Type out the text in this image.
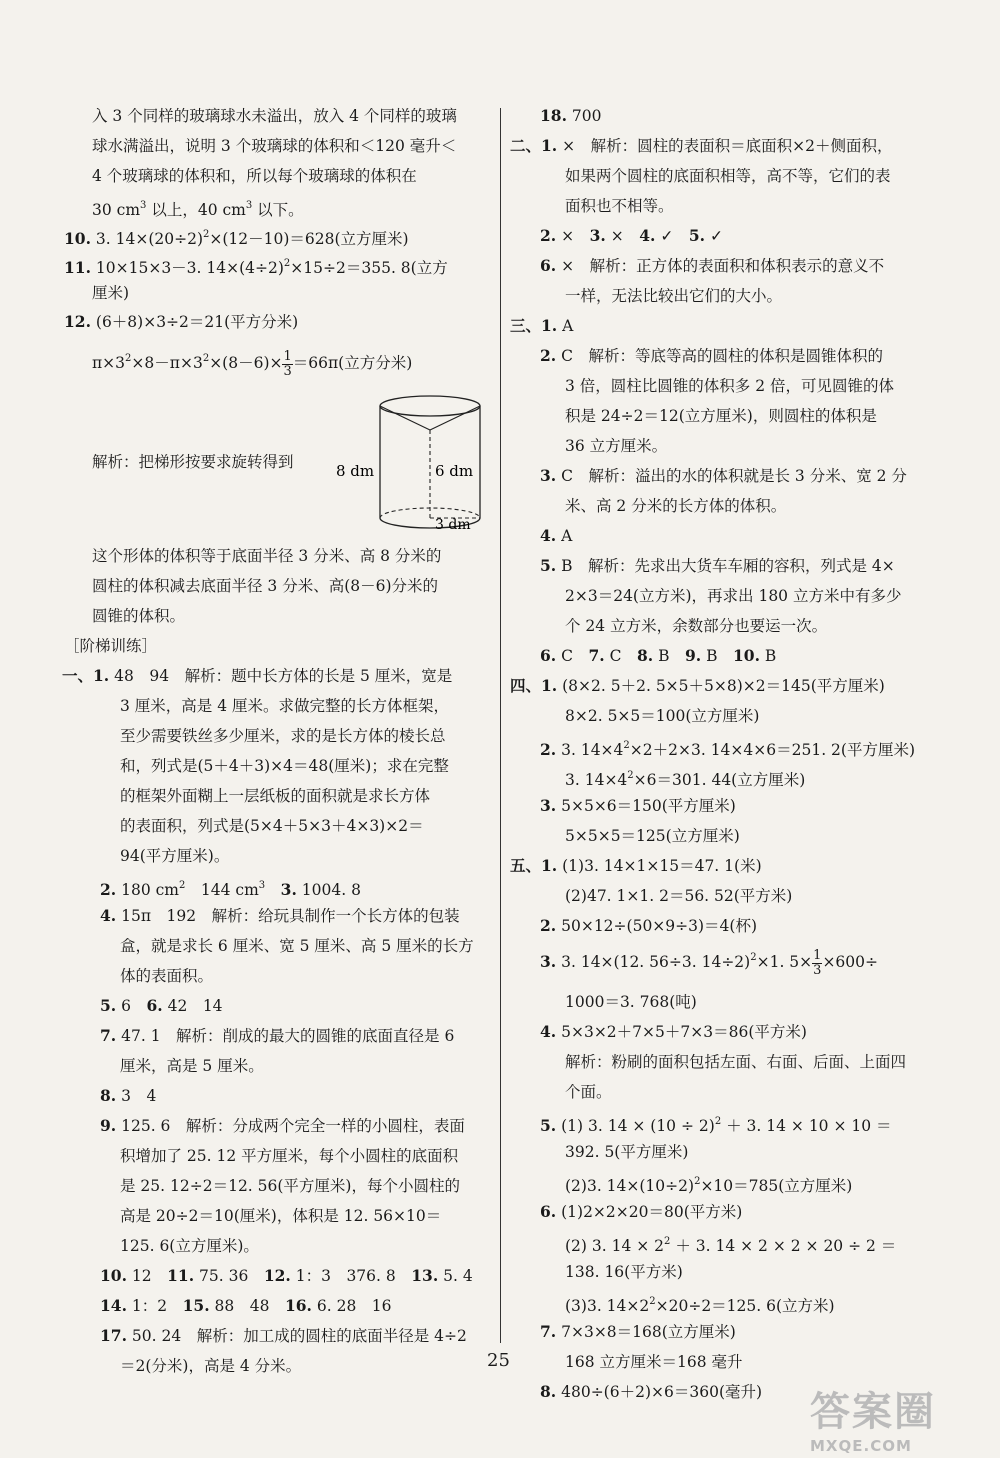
入 3 个同样的玻璃球水未溢出，放入 4 个同样的玻璃
球水满溢出，说明 3 个玻璃球的体积和＜120 毫升＜
4 个玻璃球的体积和，所以每个玻璃球的体积在
30 $cm^3$ 以上，40 $cm^3$ 以下。
10. 3. $14\times(20\div 2)^2\times(12-10)=628$(立方厘米)
11. 10×15×3－3. $14\times(4\div 2)^2\times 15\div 2=355$. 8(立方
厘米)
12. (6＋8)×3÷2＝21(平方分米)
$\pi\times 3^2\times 8-\pi\times 3^2\times(8-6)\times \frac{1}{3} =66\pi$(立方分米)
解析：把梯形按要求旋转得到
这个形体的体积等于底面半径 3 分米、高 8 分米的
圆柱的体积减去底面半径 3 分米、高(8－6)分米的
圆锥的体积。
［阶梯训练］
一、1. 48　94　解析：题中长方体的长是 5 厘米，宽是
3 厘米，高是 4 厘米。求做完整的长方体框架，
至少需要铁丝多少厘米，求的是长方体的棱长总
和，列式是(5＋4＋3)×4＝48(厘米)；求在完整
的框架外面糊上一层纸板的面积就是求长方体
的表面积，列式是(5×4＋5×3＋4×3)×2＝
94(平方厘米)。
2. 180 $cm^2$　144 $cm^3$　 3. 1004. 8
4. 15π　192　解析：给玩具制作一个长方体的包装
盒，就是求长 6 厘米、宽 5 厘米、高 5 厘米的长方
体的表面积。
5. 6　6. 42　14
7. 47. 1　解析：削成的最大的圆锥的底面直径是 6
厘米，高是 5 厘米。
8. 3　4
9. 125. 6　解析：分成两个完全一样的小圆柱，表面
积增加了 25. 12 平方厘米，每个小圆柱的底面积
是 25. 12÷2＝12. 56(平方厘米)，每个小圆柱的
高是 20÷2＝10(厘米)，体积是 12. 56×10＝
125. 6(立方厘米)。
10. 12　11. 75. 36　12. 1：3　376. 8　13. 5. 4
14. 1：2　15. 88　48　16. 6. 28　16
17. 50. 24　解析：加工成的圆柱的底面半径是 4÷2
＝2(分米)，高是 4 分米。
18. 700
二、1. ×　解析：圆柱的表面积＝底面积×2＋侧面积，
如果两个圆柱的底面积相等，高不等，它们的表
面积也不相等。
2. ×　3. ×　4. ✓　5. ✓
6. ×　解析：正方体的表面积和体积表示的意义不
一样，无法比较出它们的大小。
三、1. A
2. C　解析：等底等高的圆柱的体积是圆锥体积的
3 倍，圆柱比圆锥的体积多 2 倍，可见圆锥的体
积是 24÷2＝12(立方厘米)，则圆柱的体积是
36 立方厘米。
3. C　解析：溢出的水的体积就是长 3 分米、宽 2 分
米、高 2 分米的长方体的体积。
4. A
5. B　解析：先求出大货车车厢的容积，列式是 4×
2×3＝24(立方米)，再求出 180 立方米中有多少
个 24 立方米，余数部分也要运一次。
6. C　7. C　8. B　9. B　10. B
四、1. (8×2. 5＋2. 5×5＋5×8)×2＝145(平方厘米)
8×2. 5×5＝100(立方厘米)
2. 3. $14\times 4^2\times 2+2\times 3$. 14×4×6＝251. 2(平方厘米)
3. $14\times 4^2\times 6=301$. 44(立方厘米)
3. 5×5×6＝150(平方厘米)
5×5×5＝125(立方厘米)
五、1. (1)3. 14×1×15＝47. 1(米)
(2)47. 1×1. 2＝56. 52(平方米)
2. 50×12÷(50×9÷3)＝4(杯)
3. 3. 14×(12. 56÷3. 14÷2)$^2$×1. $5\times \frac{1}{3} \times 600\div$
1000＝3. 768(吨)
4. 5×3×2＋7×5＋7×3＝86(平方米)
解析：粉刷的面积包括左面、右面、后面、上面四
个面。
5. (1) 3. $14 \times (10 \div 2)^2 + 3$. 14 × 10 × 10 ＝
392. 5(平方厘米)
(2)3. $14\times(10\div 2)^2\times 10=785$(立方厘米)
6. (1)2×2×20＝80(平方米)
(2) 3. $14 \times 2^2 + 3$. 14 × 2 × 2 × 20 ÷ 2 ＝
138. 16(平方米)
(3)3. $14\times 2^2\times 20\div 2=125$. 6(立方米)
7. 7×3×8＝168(立方厘米)
168 立方厘米＝168 毫升
8. 480÷(6＋2)×6＝360(毫升)
8 dm	6 dm
3 dm
25
答案圈
MXQE.COM
